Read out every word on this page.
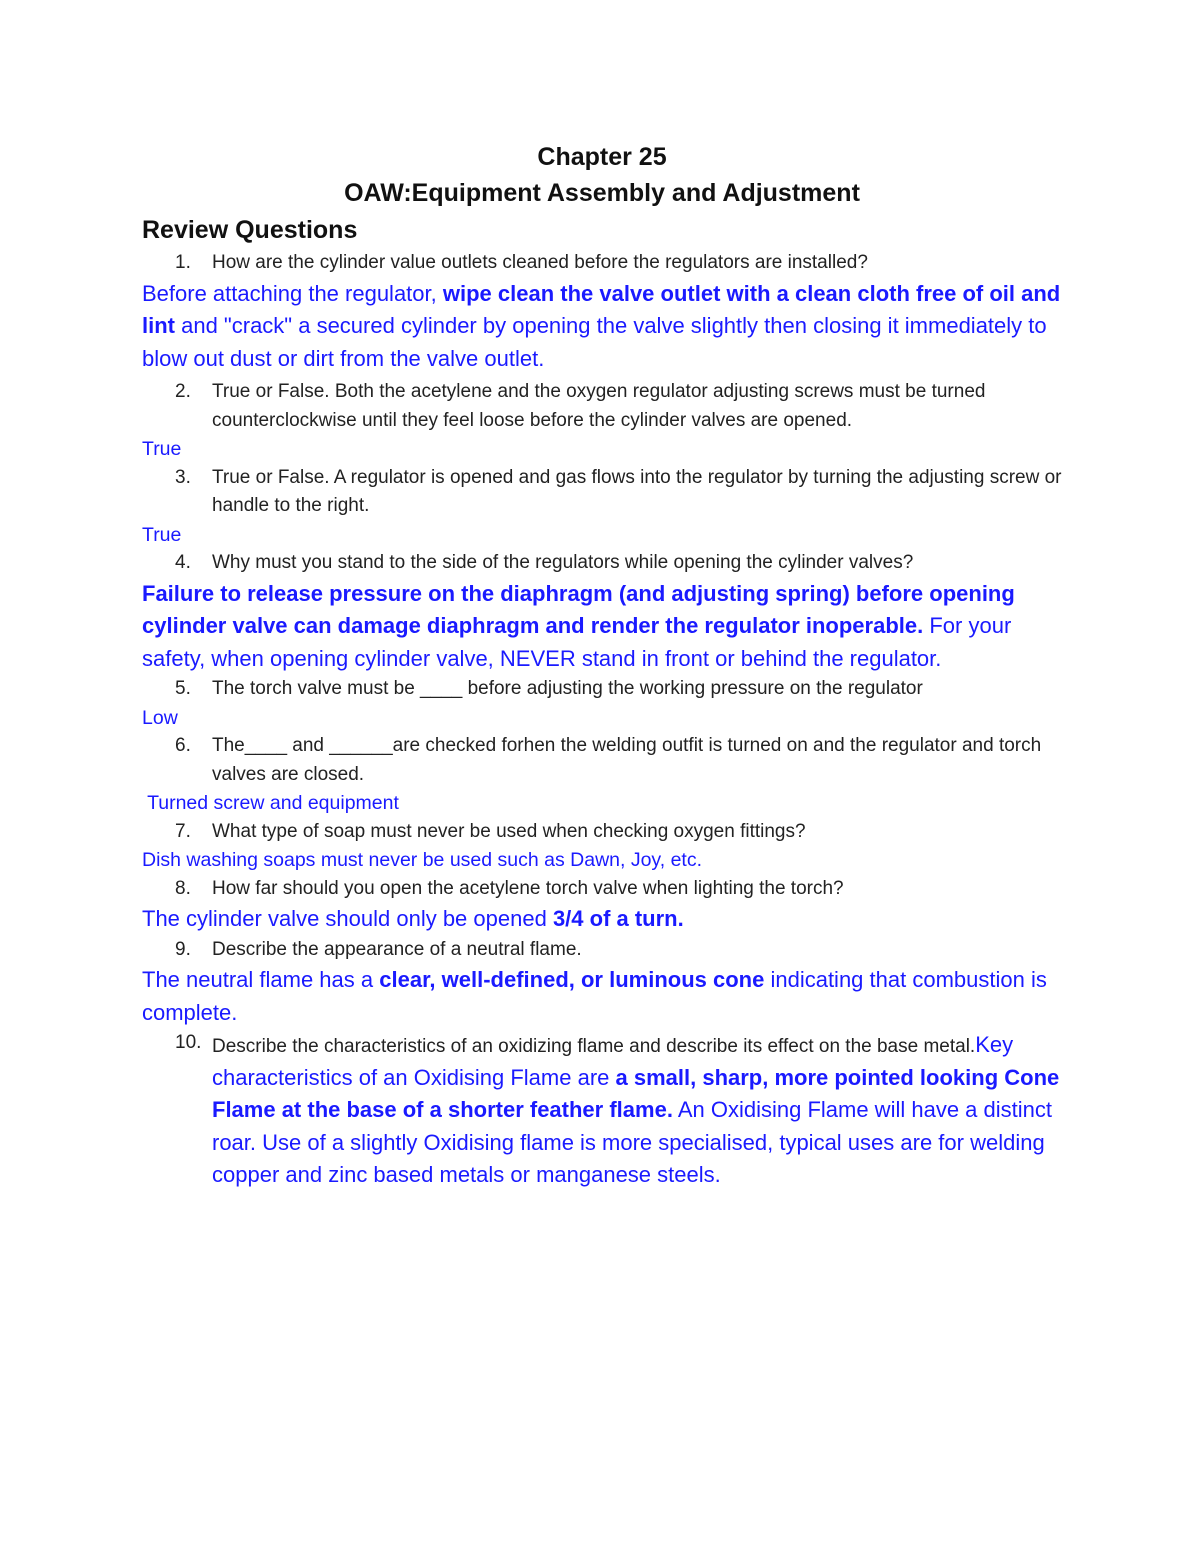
Chapter 25

OAW:Equipment Assembly and Adjustment

Review Questions

1. How are the cylinder value outlets cleaned before the regulators are installed?
Before attaching the regulator, wipe clean the valve outlet with a clean cloth free of oil and lint and "crack" a secured cylinder by opening the valve slightly then closing it immediately to blow out dust or dirt from the valve outlet.
2. True or False. Both the acetylene and the oxygen regulator adjusting screws must be turned counterclockwise until they feel loose before the cylinder valves are opened.
True
3. True or False. A regulator is opened and gas flows into the regulator by turning the adjusting screw or handle to the right.
True
4. Why must you stand to the side of the regulators while opening the cylinder valves?
Failure to release pressure on the diaphragm (and adjusting spring) before opening cylinder valve can damage diaphragm and render the regulator inoperable. For your safety, when opening cylinder valve, NEVER stand in front or behind the regulator.
5. The torch valve must be ____ before adjusting the working pressure on the regulator
Low
6. The____ and ______are checked forhen the welding outfit is turned on and the regulator and torch valves are closed.
Turned screw and equipment
7. What type of soap must never be used when checking oxygen fittings?
Dish washing soaps must never be used such as Dawn, Joy, etc.
8. How far should you open the acetylene torch valve when lighting the torch?
The cylinder valve should only be opened 3/4 of a turn.
9. Describe the appearance of a neutral flame.
The neutral flame has a clear, well-defined, or luminous cone indicating that combustion is complete.
10. Describe the characteristics of an oxidizing flame and describe its effect on the base metal.Key characteristics of an Oxidising Flame are a small, sharp, more pointed looking Cone Flame at the base of a shorter feather flame. An Oxidising Flame will have a distinct roar. Use of a slightly Oxidising flame is more specialised, typical uses are for welding copper and zinc based metals or manganese steels.
